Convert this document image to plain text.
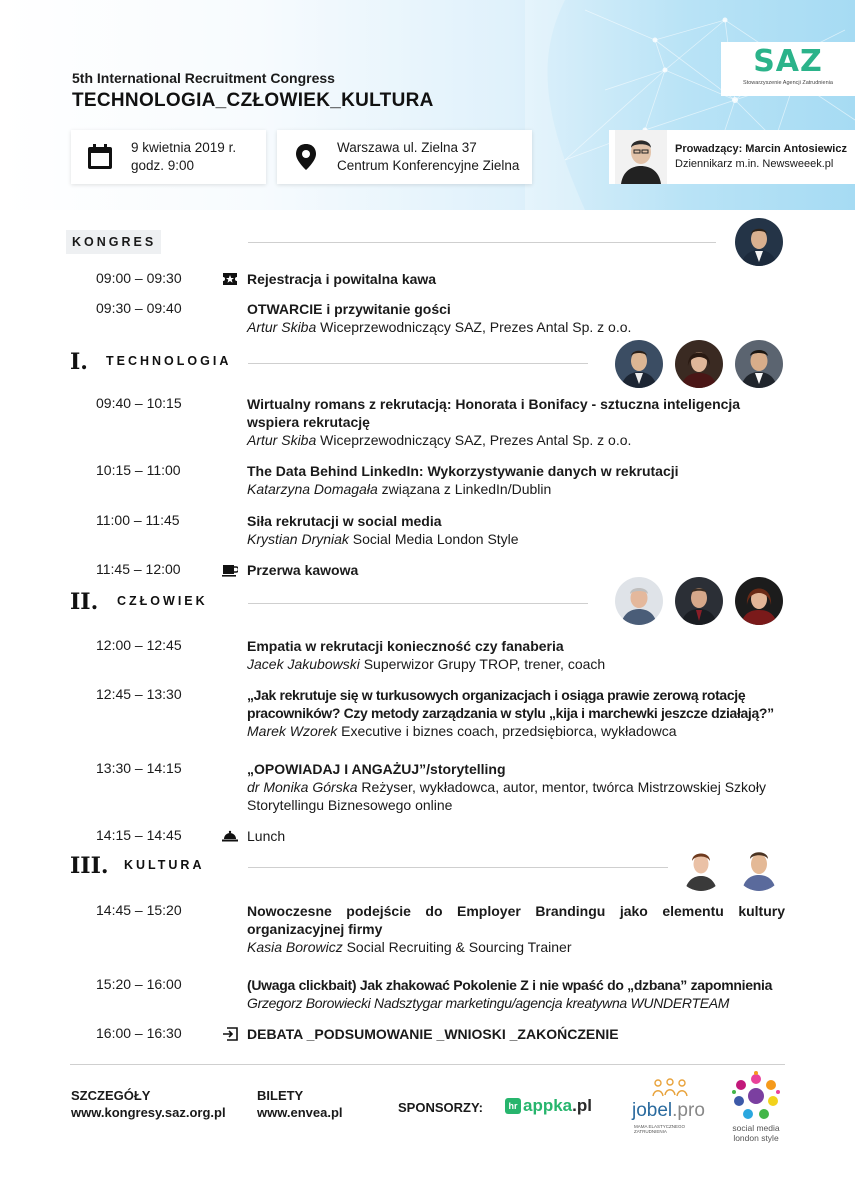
5th International Recruitment Congress
TECHNOLOGIA_CZŁOWIEK_KULTURA
9 kwietnia 2019 r.
godz. 9:00
Warszawa ul. Zielna 37
Centrum Konferencyjne Zielna
SAZ
Stowarzyszenie Agencji Zatrudnienia
Prowadzący: Marcin Antosiewicz
Dziennikarz m.in. Newsweeek.pl
KONGRES
09:00 – 09:30	Rejestracja i powitalna kawa
09:30 – 09:40	OTWARCIE i przywitanie gości
Artur Skiba Wiceprzewodniczący SAZ, Prezes Antal Sp. z o.o.
I. TECHNOLOGIA
09:40 – 10:15	Wirtualny romans z rekrutacją: Honorata i Bonifacy - sztuczna inteligencja wspiera rekrutację
Artur Skiba Wiceprzewodniczący SAZ, Prezes Antal Sp. z o.o.
10:15 – 11:00	The Data Behind LinkedIn: Wykorzystywanie danych w rekrutacji
Katarzyna Domagała związana z LinkedIn/Dublin
11:00 – 11:45	Siła rekrutacji w social media
Krystian Dryniak Social Media London Style
11:45 – 12:00	Przerwa kawowa
II. CZŁOWIEK
12:00 – 12:45	Empatia w rekrutacji konieczność czy fanaberia
Jacek Jakubowski Superwizor Grupy TROP, trener, coach
12:45 – 13:30	„Jak rekrutuje się w turkusowych organizacjach i osiąga prawie zerową rotację pracowników? Czy metody zarządzania w stylu „kija i marchewki jeszcze działają?”
Marek Wzorek Executive i biznes coach, przedsiębiorca, wykładowca
13:30 – 14:15	„OPOWIADAJ I ANGAŻUJ”/storytelling
dr Monika Górska Reżyser, wykładowca, autor, mentor, twórca Mistrzowskiej Szkoły Storytellingu Biznesowego online
14:15 – 14:45	Lunch
III. KULTURA
14:45 – 15:20	Nowoczesne podejście do Employer Brandingu jako elementu kultury organizacyjnej firmy
Kasia Borowicz Social Recruiting & Sourcing Trainer
15:20 – 16:00	(Uwaga clickbait) Jak zhakować Pokolenie Z i nie wpaść do „dzbana” zapomnienia
Grzegorz Borowiecki Nadsztygar marketingu/agencja kreatywna WUNDERTEAM
16:00 – 16:30	DEBATA _PODSUMOWANIE _WNIOSKI _ZAKOŃCZENIE
SZCZEGÓŁY
www.kongresy.saz.org.pl
BILETY
www.envea.pl	SPONSORZY:	hr appka .pl jobel.pro
MAMA ELASTYCZNEGO ZATRUDNIENIA	social media
london style
